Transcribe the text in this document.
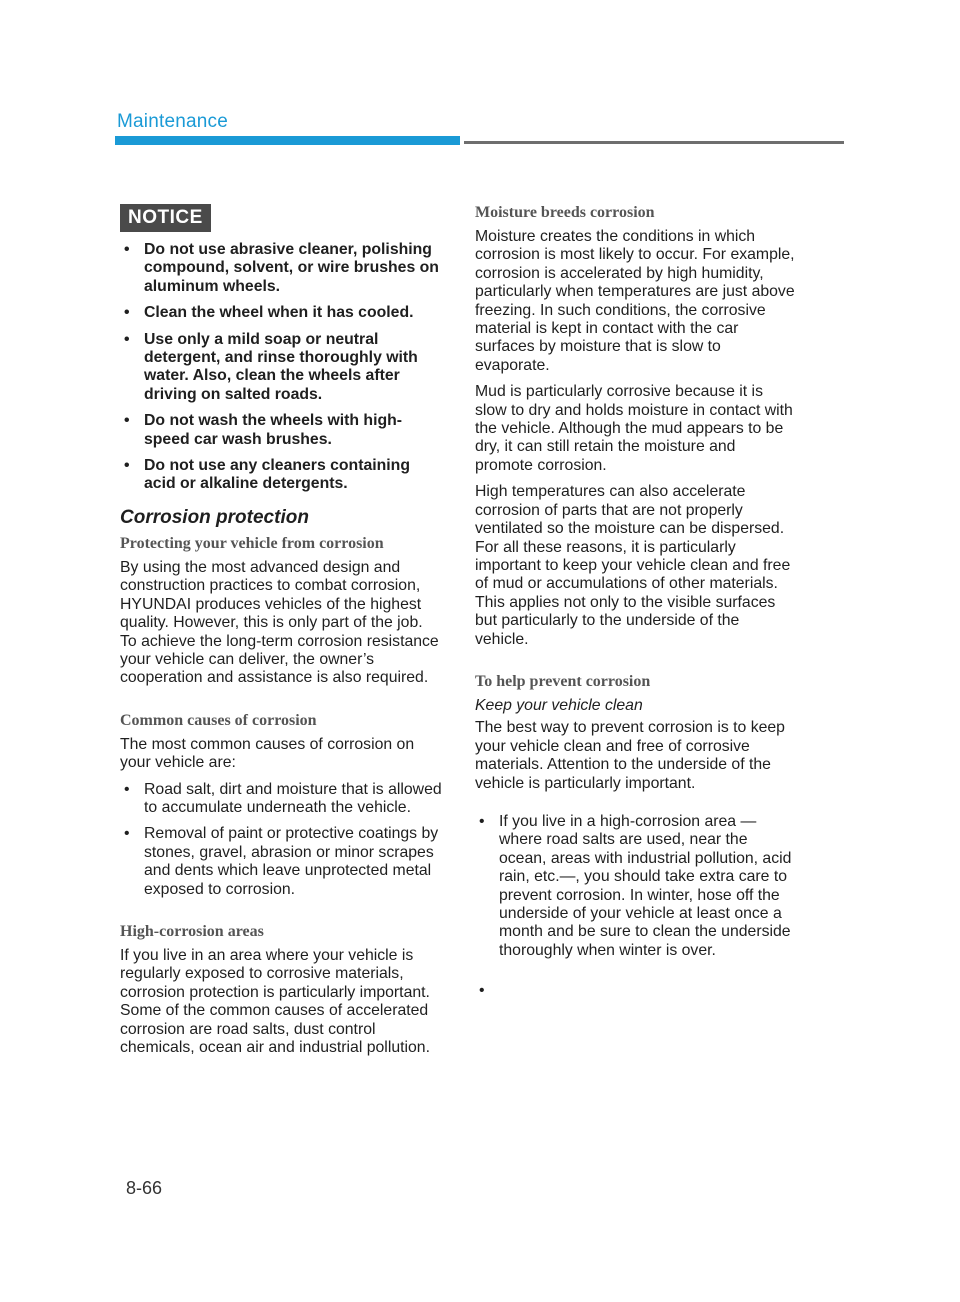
Maintenance
NOTICE
• Do not use abrasive cleaner, polishing compound, solvent, or wire brushes on aluminum wheels.
• Clean the wheel when it has cooled.
• Use only a mild soap or neutral detergent, and rinse thoroughly with water. Also, clean the wheels after driving on salted roads.
• Do not wash the wheels with high-speed car wash brushes.
• Do not use any cleaners containing acid or alkaline detergents.
Corrosion protection
Protecting your vehicle from corrosion

By using the most advanced design and construction practices to combat corrosion, HYUNDAI produces vehicles of the highest quality. However, this is only part of the job. To achieve the long-term corrosion resistance your vehicle can deliver, the owner’s cooperation and assistance is also required.

Common causes of corrosion

The most common causes of corrosion on your vehicle are:

• Road salt, dirt and moisture that is allowed to accumulate underneath the vehicle.
• Removal of paint or protective coatings by stones, gravel, abrasion or minor scrapes and dents which leave unprotected metal exposed to corrosion.
High-corrosion areas

If you live in an area where your vehicle is regularly exposed to corrosive materials, corrosion protection is particularly important. Some of the common causes of accelerated corrosion are road salts, dust control chemicals, ocean air and industrial pollution.

Moisture breeds corrosion

Moisture creates the conditions in which corrosion is most likely to occur. For example, corrosion is accelerated by high humidity, particularly when temperatures are just above freezing. In such conditions, the corrosive material is kept in contact with the car surfaces by moisture that is slow to evaporate.

Mud is particularly corrosive because it is slow to dry and holds moisture in contact with the vehicle. Although the mud appears to be dry, it can still retain the moisture and promote corrosion.

High temperatures can also accelerate corrosion of parts that are not properly ventilated so the moisture can be dispersed. For all these reasons, it is particularly important to keep your vehicle clean and free of mud or accumulations of other materials. This applies not only to the visible surfaces but particularly to the underside of the vehicle.

To help prevent corrosion
Keep your vehicle clean

The best way to prevent corrosion is to keep your vehicle clean and free of corrosive materials. Attention to the underside of the vehicle is particularly important.

• If you live in a high-corrosion area — where road salts are used, near the ocean, areas with industrial pollution, acid rain, etc.—, you should take extra care to prevent corrosion. In winter, hose off the underside of your vehicle at least once a month and be sure to clean the underside thoroughly when winter is over.
8-66
